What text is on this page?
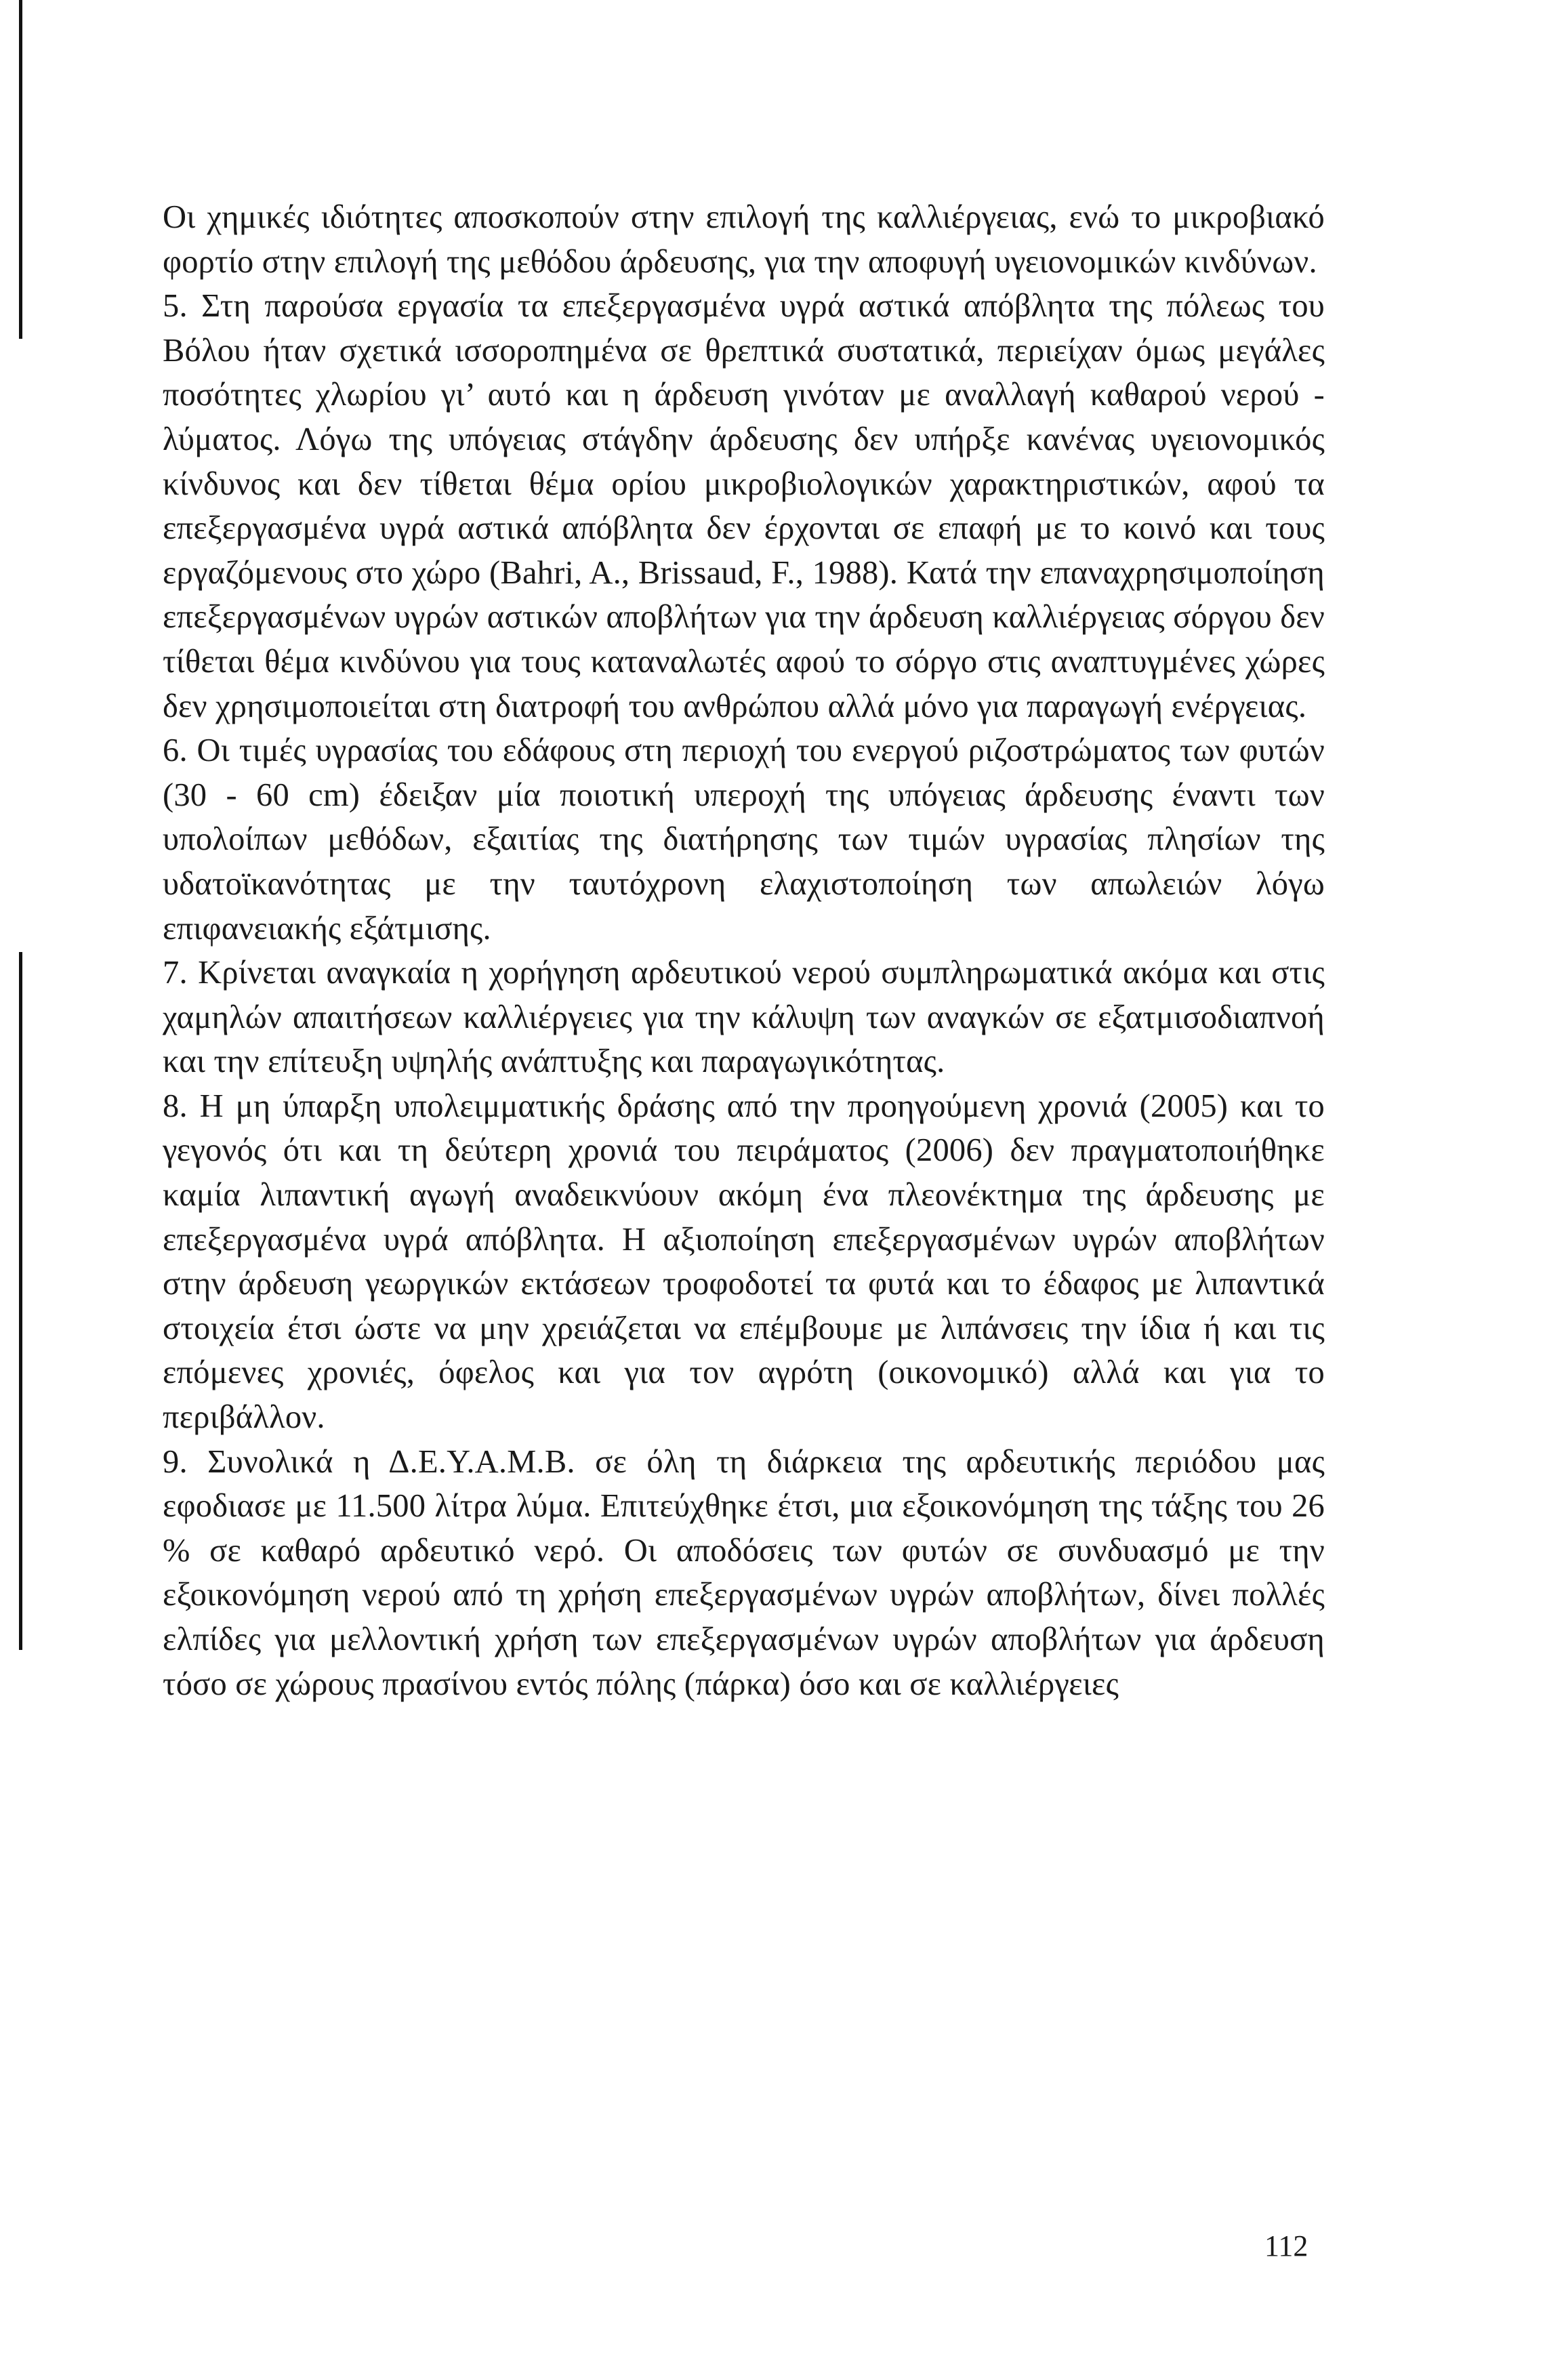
Οι χημικές ιδιότητες αποσκοπούν στην επιλογή της καλλιέργειας, ενώ το μικροβιακό φορτίο στην επιλογή της μεθόδου άρδευσης, για την αποφυγή υγειονομικών κινδύνων.

5. Στη παρούσα εργασία τα επεξεργασμένα υγρά αστικά απόβλητα της πόλεως του Βόλου ήταν σχετικά ισσοροπημένα σε θρεπτικά συστατικά, περιείχαν όμως μεγάλες ποσότητες χλωρίου γι’ αυτό και η άρδευση γινόταν με αναλλαγή καθαρού νερού - λύματος. Λόγω της υπόγειας στάγδην άρδευσης δεν υπήρξε κανένας υγειονομικός κίνδυνος και δεν τίθεται θέμα ορίου μικροβιολογικών χαρακτηριστικών, αφού τα επεξεργασμένα υγρά αστικά απόβλητα δεν έρχονται σε επαφή με το κοινό και τους εργαζόμενους στο χώρο (Bahri, A., Brissaud, F., 1988). Κατά την επαναχρησιμοποίηση επεξεργασμένων υγρών αστικών αποβλήτων για την άρδευση καλλιέργειας σόργου δεν τίθεται θέμα κινδύνου για τους καταναλωτές αφού το σόργο στις αναπτυγμένες χώρες δεν χρησιμοποιείται στη διατροφή του ανθρώπου αλλά μόνο για παραγωγή ενέργειας.

6. Οι τιμές υγρασίας του εδάφους στη περιοχή του ενεργού ριζοστρώματος των φυτών (30 - 60 cm) έδειξαν μία ποιοτική υπεροχή της υπόγειας άρδευσης έναντι των υπολοίπων μεθόδων, εξαιτίας της διατήρησης των τιμών υγρασίας πλησίων της υδατοϊκανότητας με την ταυτόχρονη ελαχιστοποίηση των απωλειών λόγω επιφανειακής εξάτμισης.

7. Κρίνεται αναγκαία η χορήγηση αρδευτικού νερού συμπληρωματικά ακόμα και στις χαμηλών απαιτήσεων καλλιέργειες για την κάλυψη των αναγκών σε εξατμισοδιαπνοή και την επίτευξη υψηλής ανάπτυξης και παραγωγικότητας.

8. Η μη ύπαρξη υπολειμματικής δράσης από την προηγούμενη χρονιά (2005) και το γεγονός ότι και τη δεύτερη χρονιά του πειράματος (2006) δεν πραγματοποιήθηκε καμία λιπαντική αγωγή αναδεικνύουν ακόμη ένα πλεονέκτημα της άρδευσης με επεξεργασμένα υγρά απόβλητα. Η αξιοποίηση επεξεργασμένων υγρών αποβλήτων στην άρδευση γεωργικών εκτάσεων τροφοδοτεί τα φυτά και το έδαφος με λιπαντικά στοιχεία έτσι ώστε να μην χρειάζεται να επέμβουμε με λιπάνσεις την ίδια ή και τις επόμενες χρονιές, όφελος και για τον αγρότη (οικονομικό) αλλά και για το περιβάλλον.

9. Συνολικά η Δ.Ε.Υ.Α.Μ.Β. σε όλη τη διάρκεια της αρδευτικής περιόδου μας εφοδιασε με 11.500 λίτρα λύμα. Επιτεύχθηκε έτσι, μια εξοικονόμηση της τάξης του 26 % σε καθαρό αρδευτικό νερό. Οι αποδόσεις των φυτών σε συνδυασμό με την εξοικονόμηση νερού από τη χρήση επεξεργασμένων υγρών αποβλήτων, δίνει πολλές ελπίδες για μελλοντική χρήση των επεξεργασμένων υγρών αποβλήτων για άρδευση τόσο σε χώρους πρασίνου εντός πόλης (πάρκα) όσο και σε καλλιέργειες

112
